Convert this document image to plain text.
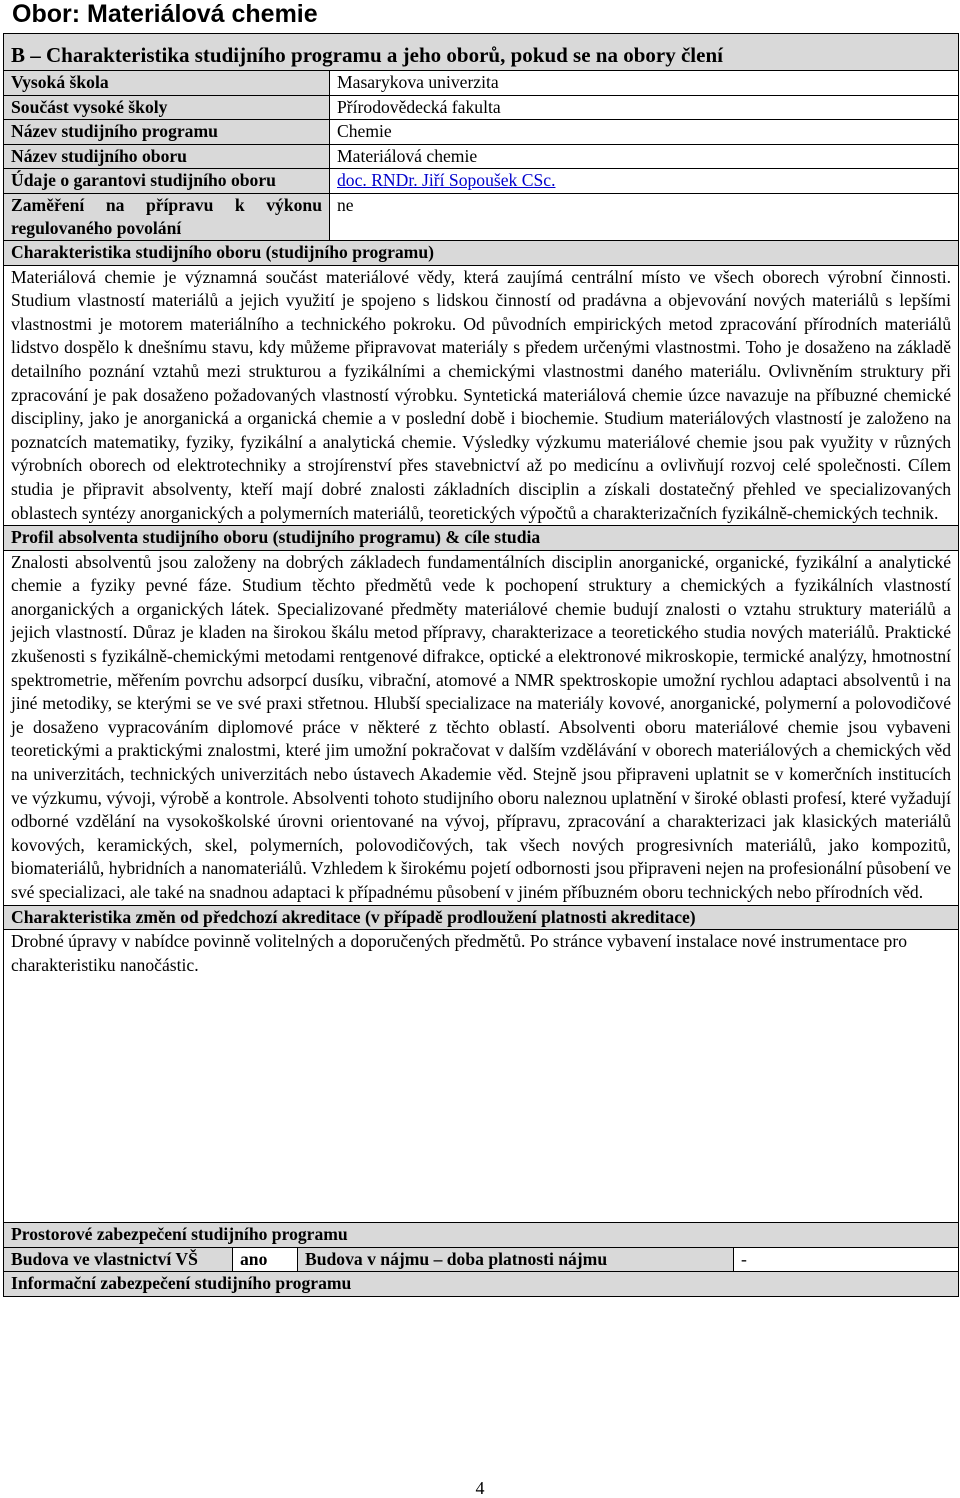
Obor: Materiálová chemie
B – Charakteristika studijního programu a jeho oborů, pokud se na obory člení				
Vysoká škola			Masarykova univerzita	
Součást vysoké školy			Přírodovědecká fakulta	
Název studijního programu			Chemie	
Název studijního oboru			Materiálová chemie	
Údaje o garantovi studijního oboru			doc. RNDr. Jiří Sopoušek CSc.	
Zaměření na přípravu k výkonu regulovaného povolání			ne	
Charakteristika studijního oboru (studijního programu)				
Materiálová chemie je významná součást materiálové vědy, která zaujímá centrální místo ve všech oborech výrobní činnosti. Studium vlastností materiálů a jejich využití je spojeno s lidskou činností od pradávna a objevování nových materiálů s lepšími vlastnostmi je motorem materiálního a technického pokroku. Od původních empirických metod zpracování přírodních materiálů lidstvo dospělo k dnešnímu stavu, kdy můžeme připravovat materiály s předem určenými vlastnostmi. Toho je dosaženo na základě detailního poznání vztahů mezi strukturou a fyzikálními a chemickými vlastnostmi daného materiálu. Ovlivněním struktury při zpracování je pak dosaženo požadovaných vlastností výrobku. Syntetická materiálová chemie úzce navazuje na příbuzné chemické discipliny, jako je anorganická a organická chemie a v poslední době i biochemie. Studium materiálových vlastností je založeno na poznatcích matematiky, fyziky, fyzikální a analytická chemie. Výsledky výzkumu materiálové chemie jsou pak využity v různých výrobních oborech od elektrotechniky a strojírenství přes stavebnictví až po medicínu a ovlivňují rozvoj celé společnosti. Cílem studia je připravit absolventy, kteří mají dobré znalosti základních disciplin a získali dostatečný přehled ve specializovaných oblastech syntézy anorganických a polymerních materiálů, teoretických výpočtů a charakterizačních fyzikálně-chemických technik.				
Profil absolventa studijního oboru (studijního programu) & cíle studia				
Znalosti absolventů jsou založeny na dobrých základech fundamentálních disciplin anorganické, organické, fyzikální a analytické chemie a fyziky pevné fáze. Studium těchto předmětů vede k pochopení struktury a chemických a fyzikálních vlastností anorganických a organických látek. Specializované předměty materiálové chemie budují znalosti o vztahu struktury materiálů a jejich vlastností. Důraz je kladen na širokou škálu metod přípravy, charakterizace a teoretického studia nových materiálů. Praktické zkušenosti s fyzikálně-chemickými metodami rentgenové difrakce, optické a elektronové mikroskopie, termické analýzy, hmotnostní spektrometrie, měřením povrchu adsorpcí dusíku, vibrační, atomové a NMR spektroskopie umožní rychlou adaptaci absolventů i na jiné metodiky, se kterými se ve své praxi střetnou. Hlubší specializace na materiály kovové, anorganické, polymerní a polovodičové je dosaženo vypracováním diplomové práce v některé z těchto oblastí. Absolventi oboru materiálové chemie jsou vybaveni teoretickými a praktickými znalostmi, které jim umožní pokračovat v dalším vzdělávání v oborech materiálových a chemických věd na univerzitách, technických univerzitách nebo ústavech Akademie věd. Stejně jsou připraveni uplatnit se v komerčních institucích ve výzkumu, vývoji, výrobě a kontrole. Absolventi tohoto studijního oboru naleznou uplatnění v široké oblasti profesí, které vyžadují odborné vzdělání na vysokoškolské úrovni orientované na vývoj, přípravu, zpracování a charakterizaci jak klasických materiálů kovových, keramických, skel, polymerních, polovodičových, tak všech nových progresivních materiálů, jako kompozitů, biomateriálů, hybridních a nanomateriálů. Vzhledem k širokému pojetí odbornosti jsou připraveni nejen na profesionální působení ve své specializaci, ale také na snadnou adaptaci k případnému působení v jiném příbuzném oboru technických nebo přírodních věd.				
Charakteristika změn od předchozí akreditace (v případě prodloužení platnosti akreditace)				
Drobné úpravy v nabídce povinně volitelných a doporučených předmětů. Po stránce vybavení instalace nové instrumentace pro charakteristiku nanočástic.				
Prostorové zabezpečení studijního programu				
Budova ve vlastnictví VŠ	ano	Budova v nájmu – doba platnosti nájmu		-
Informační zabezpečení studijního programu				
4
